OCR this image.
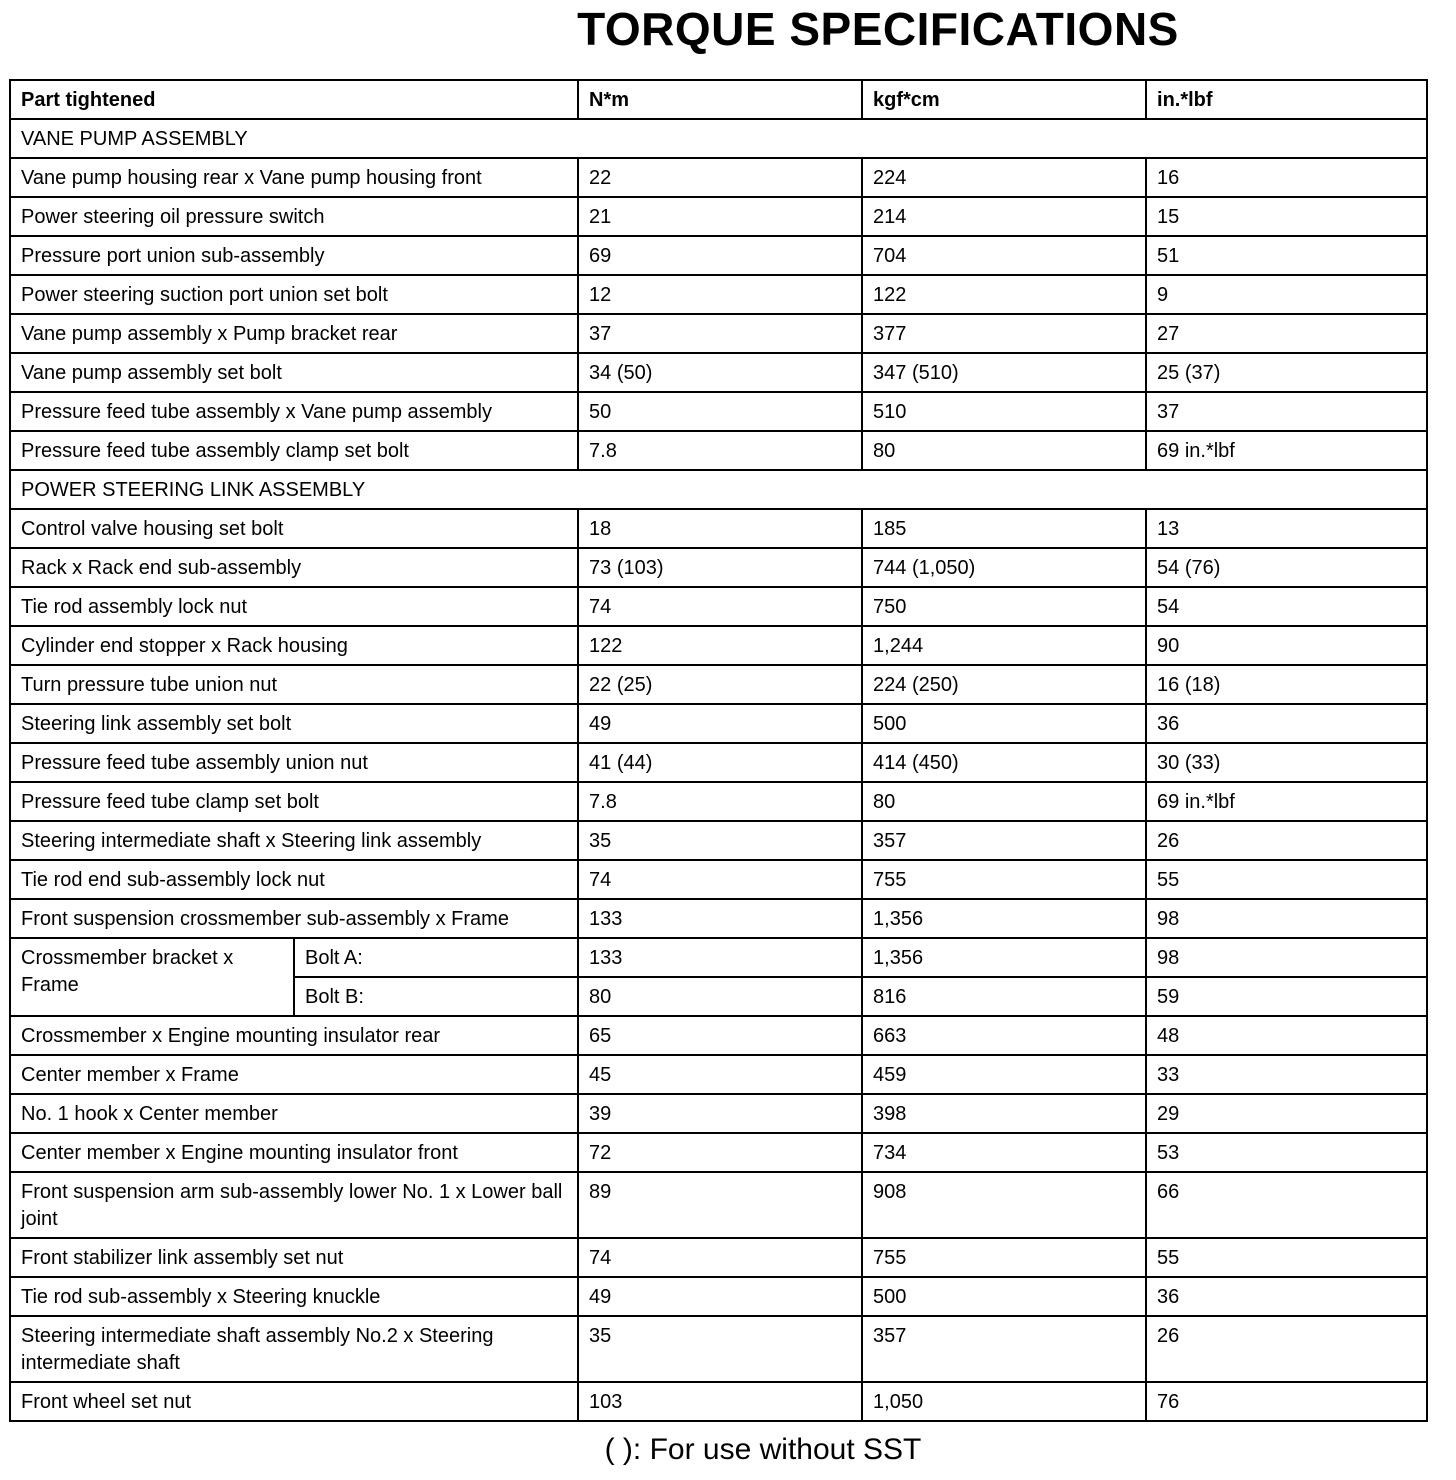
TORQUE SPECIFICATIONS
Part tightened		N*m	kgf*cm	in.*lbf
VANE PUMP ASSEMBLY				
Vane pump housing rear x Vane pump housing front		22	224	16
Power steering oil pressure switch		21	214	15
Pressure port union sub-assembly		69	704	51
Power steering suction port union set bolt		12	122	9
Vane pump assembly x Pump bracket rear		37	377	27
Vane pump assembly set bolt		34 (50)	347 (510)	25 (37)
Pressure feed tube assembly x Vane pump assembly		50	510	37
Pressure feed tube assembly clamp set bolt		7.8	80	69 in.*lbf
POWER STEERING LINK ASSEMBLY				
Control valve housing set bolt		18	185	13
Rack x Rack end sub-assembly		73 (103)	744 (1,050)	54 (76)
Tie rod assembly lock nut		74	750	54
Cylinder end stopper x Rack housing		122	1,244	90
Turn pressure tube union nut		22 (25)	224 (250)	16 (18)
Steering link assembly set bolt		49	500	36
Pressure feed tube assembly union nut		41 (44)	414 (450)	30 (33)
Pressure feed tube clamp set bolt		7.8	80	69 in.*lbf
Steering intermediate shaft x Steering link assembly		35	357	26
Tie rod end sub-assembly lock nut		74	755	55
Front suspension crossmember sub-assembly x Frame		133	1,356	98
Crossmember bracket x Frame	Bolt A:	133	1,356	98
	Bolt B:	80	816	59
Crossmember x Engine mounting insulator rear		65	663	48
Center member x Frame		45	459	33
No. 1 hook x Center member		39	398	29
Center member x Engine mounting insulator front		72	734	53
Front suspension arm sub-assembly lower No. 1 x Lower ball joint		89	908	66
Front stabilizer link assembly set nut		74	755	55
Tie rod sub-assembly x Steering knuckle		49	500	36
Steering intermediate shaft assembly No.2 x Steering intermediate shaft		35	357	26
Front wheel set nut		103	1,050	76
( ): For use without SST
